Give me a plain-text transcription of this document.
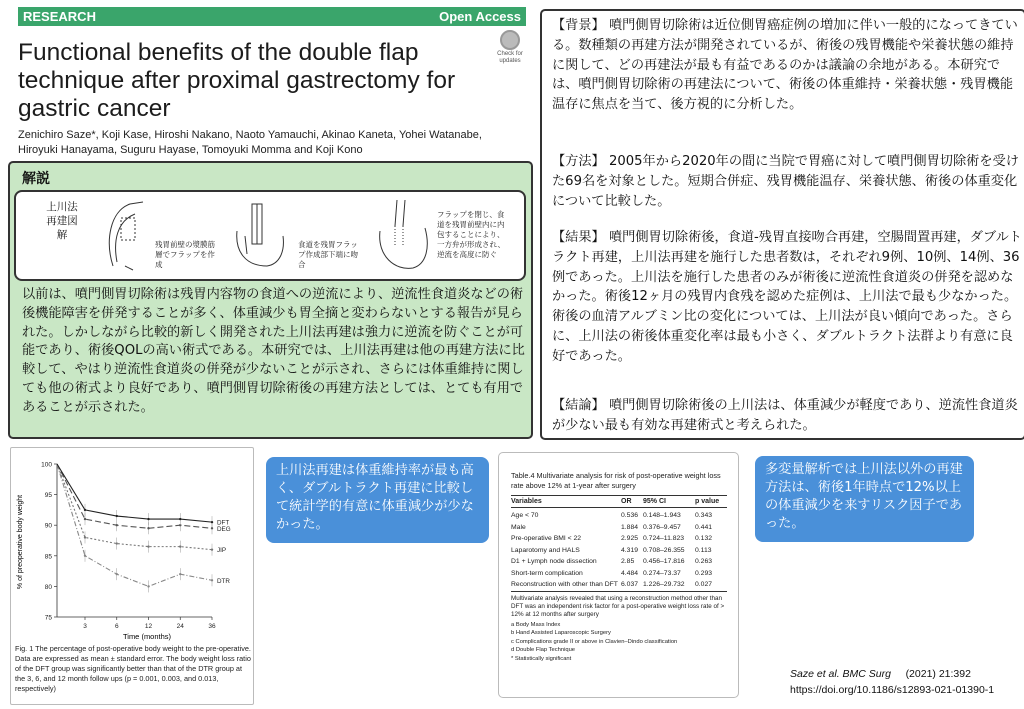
RESEARCH	Open Access
Functional benefits of the double flap technique after proximal gastrectomy for gastric cancer
Check for updates
Zenichiro Saze*, Koji Kase, Hiroshi Nakano, Naoto Yamauchi, Akinao Kaneta, Yohei Watanabe, Hiroyuki Hanayama, Suguru Hayase, Tomoyuki Momma and Koji Kono
解説
上川法再建図解
残胃前壁の漿膜筋層でフラップを作成
食道を残胃フラップ作成部下端に吻合
フラップを閉じ、食道を残胃前壁内に内包することにより、一方弁が形成され、逆流を高度に防ぐ
以前は、噴門側胃切除術は残胃内容物の食道への逆流により、逆流性食道炎などの術後機能障害を併発することが多く、体重減少も胃全摘と変わらないとする報告が見られた。しかしながら比較的新しく開発された上川法再建は強力に逆流を防ぐことが可能であり、術後QOLの高い術式である。本研究では、上川法再建は他の再建方法に比較して、やはり逆流性食道炎の併発が少ないことが示され、さらには体重維持に関しても他の術式より良好であり、噴門側胃切除術後の再建方法としては、とても有用であることが示された。
【背景】 噴門側胃切除術は近位側胃癌症例の増加に伴い一般的になってきている。数種類の再建方法が開発されているが、術後の残胃機能や栄養状態の維持に関して、どの再建法が最も有益であるのかは議論の余地がある。本研究では、噴門側胃切除術の再建法について、術後の体重維持・栄養状態・残胃機能温存に焦点を当て、後方視的に分析した。
【方法】 2005年から2020年の間に当院で胃癌に対して噴門側胃切除術を受けた69名を対象とした。短期合併症、残胃機能温存、栄養状態、術後の体重変化について比較した。
【結果】 噴門側胃切除術後，食道-残胃直接吻合再建，空腸間置再建，ダブルトラクト再建，上川法再建を施行した患者数は，それぞれ9例、10例、14例、36例であった。上川法を施行した患者のみが術後に逆流性食道炎の併発を認めなかった。術後12ヶ月の残胃内食残を認めた症例は、上川法で最も少なかった。術後の血清アルブミン比の変化については、上川法が良い傾向であった。さらに、上川法の術後体重変化率は最も小さく、ダブルトラクト法群より有意に良好であった。
【結論】 噴門側胃切除術後の上川法は、体重減少が軽度であり、逆流性食道炎が少ない最も有効な再建術式と考えられた。
% of preoperative body weight
Time (months)
75
80
85
90
95
100
3	6	12	24	36
DEG
JIP
DTR
DFT
Fig. 1 The percentage of post-operative body weight to the pre-operative. Data are expressed as mean ± standard error. The body weight loss ratio of the DFT group was significantly better than that of the DTR group at the 3, 6, and 12 month follow ups (p = 0.001, 0.003, and 0.013, respectively)
上川法再建は体重維持率が最も高く、ダブルトラクト再建に比較して統計学的有意に体重減少が少なかった。
多変量解析では上川法以外の再建方法は、術後1年時点で12%以上の体重減少を来すリスク因子であった。
Table.4 Multivariate analysis for risk of post-operative weight loss rate above 12% at 1-year after surgery
Variables	OR	95% CI	p value
Age < 70	0.536 0.148–1.943	0.343
Male	1.884 0.376–9.457	0.441
Pre-operative BMI < 22	2.925 0.724–11.823	0.132
Laparotomy and HALS	4.319 0.708–26.355	0.113
D1 + Lymph node dissection	2.85	0.456–17.816	0.263
Short-term complication	4.484 0.274–73.37	0.293
Reconstruction with other than DFT 6.037 1.226–29.732	0.027
Multivariate analysis revealed that using a reconstruction method other than DFT was an independent risk factor for a post-operative weight loss rate of > 12% at 12 months after surgery
a Body Mass Index
b Hand Assisted Laparoscopic Surgery
c Complications grade II or above in Clavien–Dindo classification
d Double Flap Technique
* Statistically significant
Saze et al. BMC Surg (2021) 21:392
https://doi.org/10.1186/s12893-021-01390-1
